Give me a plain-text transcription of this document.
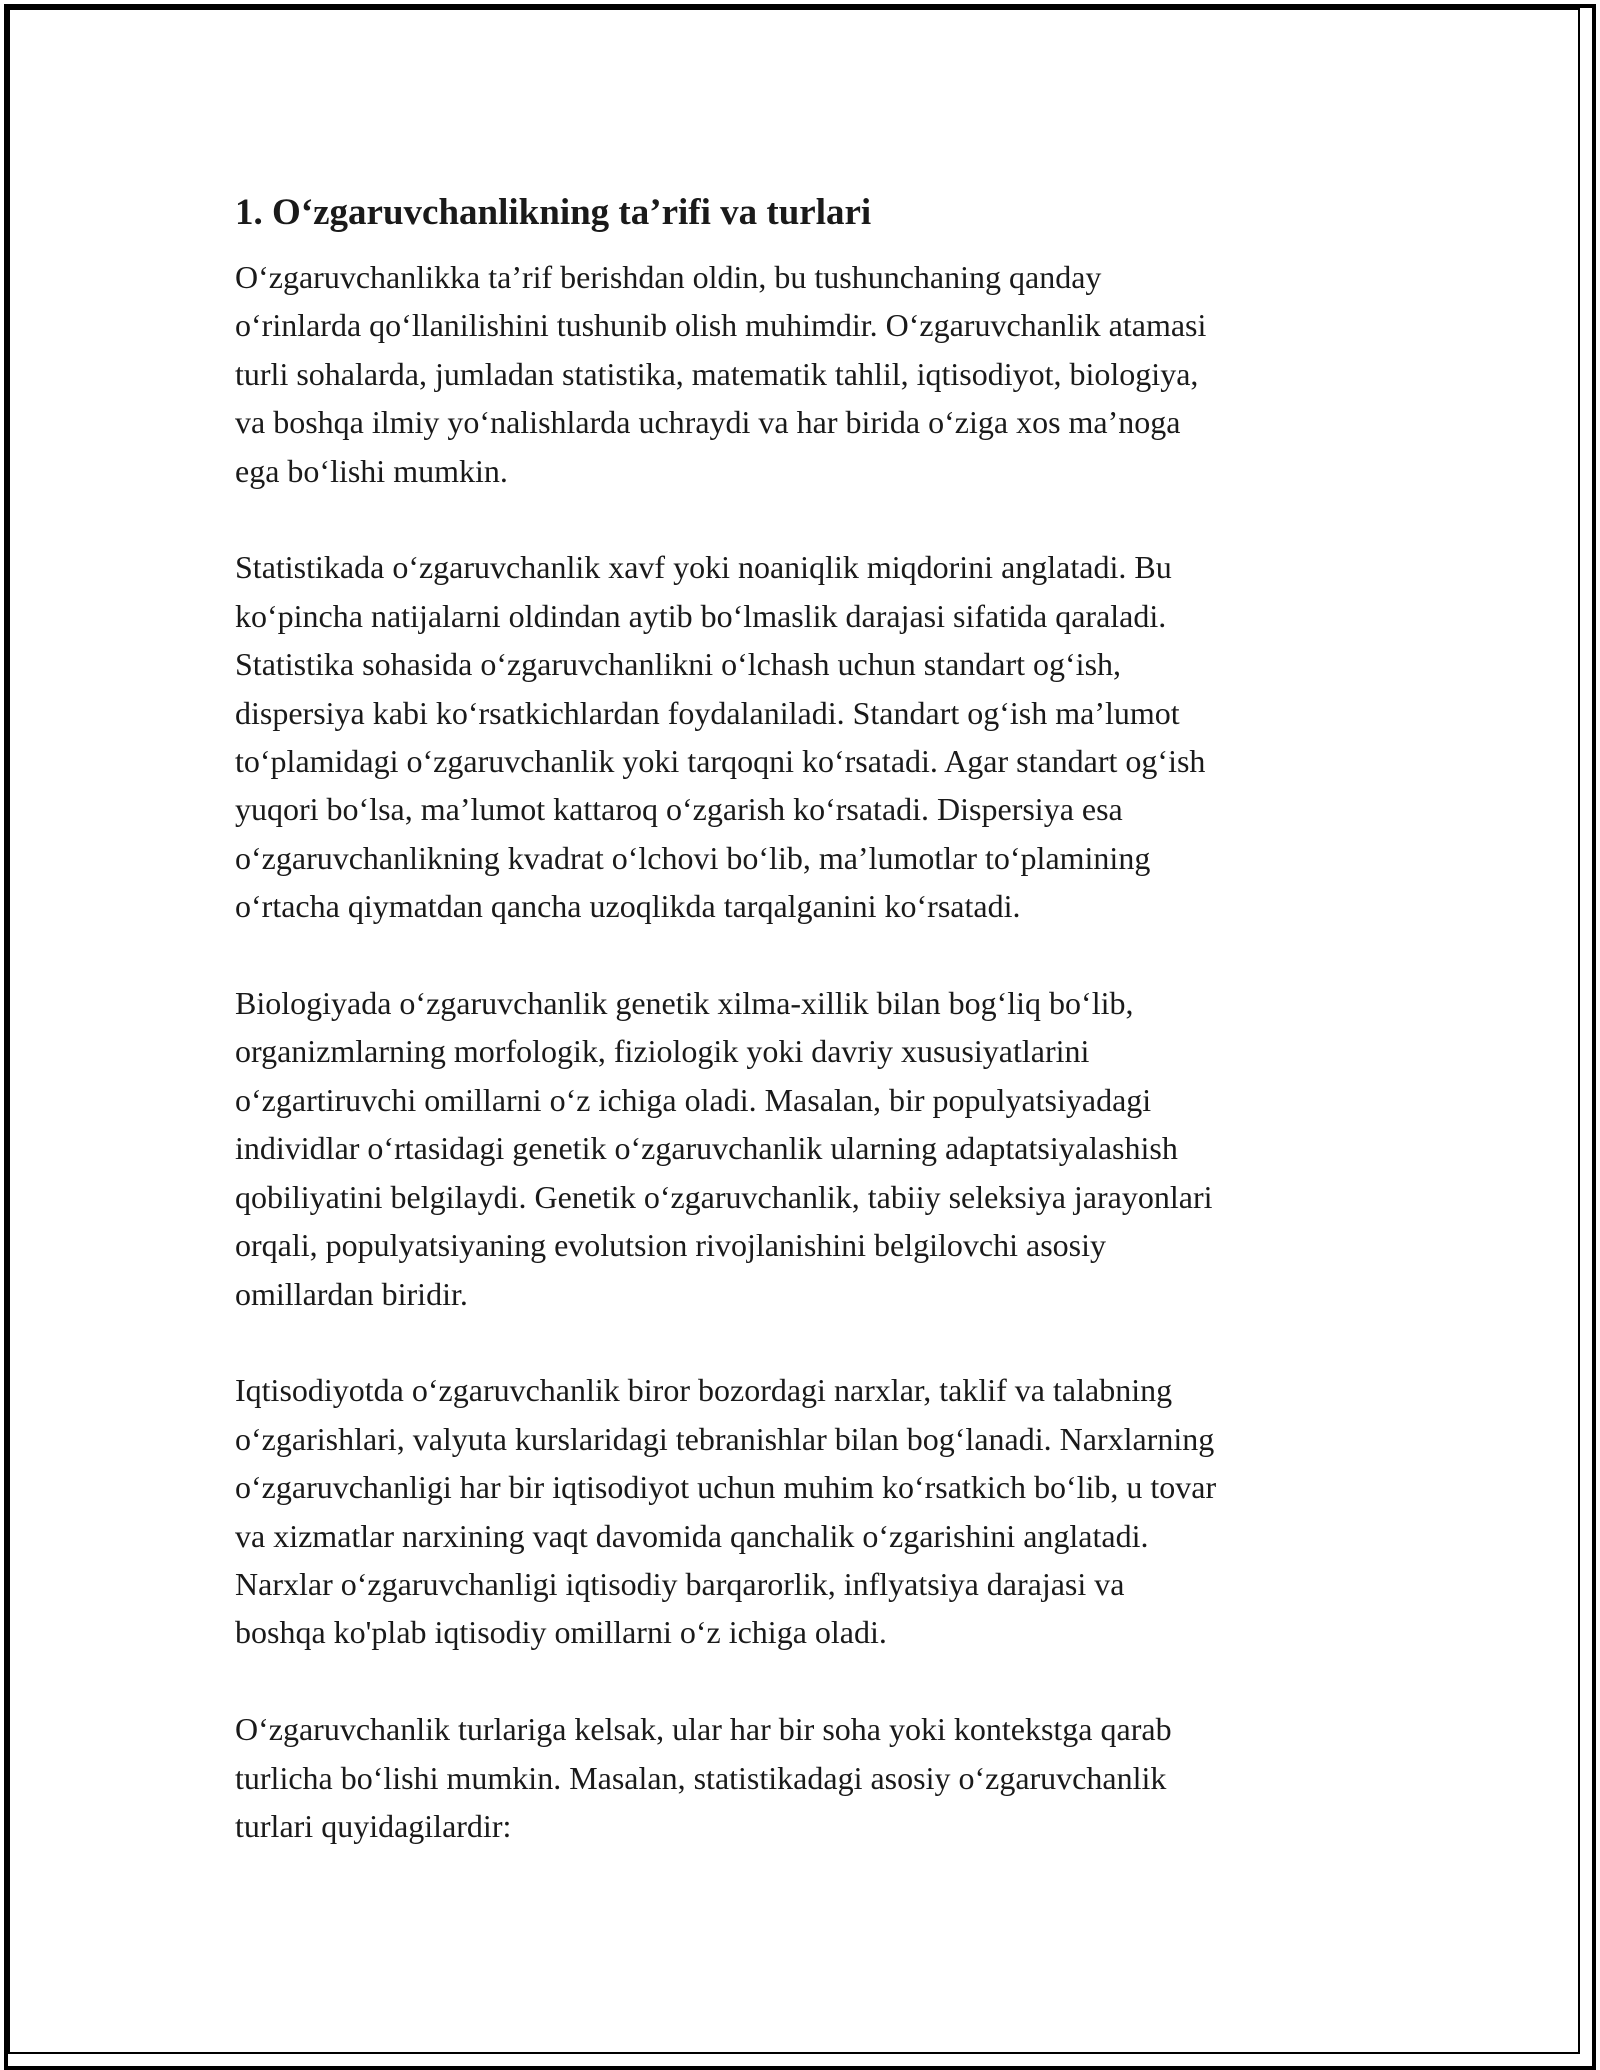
1. O‘zgaruvchanlikning ta’rifi va turlari
O‘zgaruvchanlikka ta’rif berishdan oldin, bu tushunchaning qanday
o‘rinlarda qo‘llanilishini tushunib olish muhimdir. O‘zgaruvchanlik atamasi
turli sohalarda, jumladan statistika, matematik tahlil, iqtisodiyot, biologiya,
va boshqa ilmiy yo‘nalishlarda uchraydi va har birida o‘ziga xos ma’noga
ega bo‘lishi mumkin.
Statistikada o‘zgaruvchanlik xavf yoki noaniqlik miqdorini anglatadi. Bu
ko‘pincha natijalarni oldindan aytib bo‘lmaslik darajasi sifatida qaraladi.
Statistika sohasida o‘zgaruvchanlikni o‘lchash uchun standart og‘ish,
dispersiya kabi ko‘rsatkichlardan foydalaniladi. Standart og‘ish ma’lumot
to‘plamidagi o‘zgaruvchanlik yoki tarqoqni ko‘rsatadi. Agar standart og‘ish
yuqori bo‘lsa, ma’lumot kattaroq o‘zgarish ko‘rsatadi. Dispersiya esa
o‘zgaruvchanlikning kvadrat o‘lchovi bo‘lib, ma’lumotlar to‘plamining
o‘rtacha qiymatdan qancha uzoqlikda tarqalganini ko‘rsatadi.
Biologiyada o‘zgaruvchanlik genetik xilma-xillik bilan bog‘liq bo‘lib,
organizmlarning morfologik, fiziologik yoki davriy xususiyatlarini
o‘zgartiruvchi omillarni o‘z ichiga oladi. Masalan, bir populyatsiyadagi
individlar o‘rtasidagi genetik o‘zgaruvchanlik ularning adaptatsiyalashish
qobiliyatini belgilaydi. Genetik o‘zgaruvchanlik, tabiiy seleksiya jarayonlari
orqali, populyatsiyaning evolutsion rivojlanishini belgilovchi asosiy
omillardan biridir.
Iqtisodiyotda o‘zgaruvchanlik biror bozordagi narxlar, taklif va talabning
o‘zgarishlari, valyuta kurslaridagi tebranishlar bilan bog‘lanadi. Narxlarning
o‘zgaruvchanligi har bir iqtisodiyot uchun muhim ko‘rsatkich bo‘lib, u tovar
va xizmatlar narxining vaqt davomida qanchalik o‘zgarishini anglatadi.
Narxlar o‘zgaruvchanligi iqtisodiy barqarorlik, inflyatsiya darajasi va
boshqa ko'plab iqtisodiy omillarni o‘z ichiga oladi.
O‘zgaruvchanlik turlariga kelsak, ular har bir soha yoki kontekstga qarab
turlicha bo‘lishi mumkin. Masalan, statistikadagi asosiy o‘zgaruvchanlik
turlari quyidagilardir:
